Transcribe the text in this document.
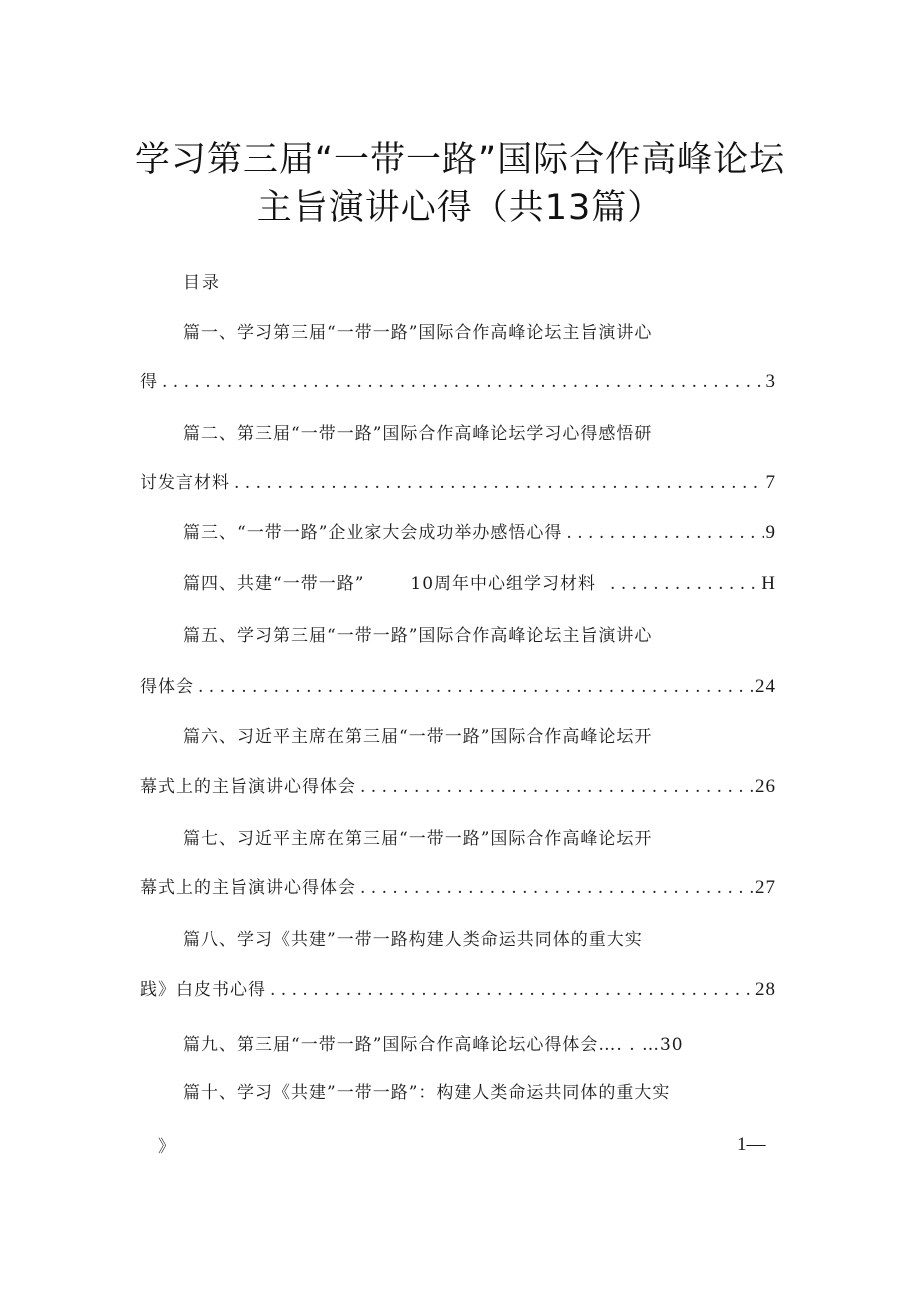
学习第三届“一带一路”国际合作高峰论坛
主旨演讲心得（共13篇）
目录
篇一、学习第三届“一带一路”国际合作高峰论坛主旨演讲心
得 . . .	3
篇二、第三届“一带一路”国际合作高峰论坛学习心得感悟研
讨发言材料 . . .	7
篇三、“一带一路”企业家大会成功举办感悟心得 . . .	9
篇四、共建“一带一路”	10周年中心组学习材料 . . .	H
篇五、学习第三届“一带一路”国际合作高峰论坛主旨演讲心
得体会 . . .	24
篇六、习近平主席在第三届“一带一路”国际合作高峰论坛开
幕式上的主旨演讲心得体会 . . .	26
篇七、习近平主席在第三届“一带一路”国际合作高峰论坛开
幕式上的主旨演讲心得体会 . . .	27
篇八、学习《共建”一带一路构建人类命运共同体的重大实
践》白皮书心得 . . .	28
篇九、第三届“一带一路”国际合作高峰论坛心得体会…. . …30
篇十、学习《共建”一带一路”：构建人类命运共同体的重大实
》	1—
